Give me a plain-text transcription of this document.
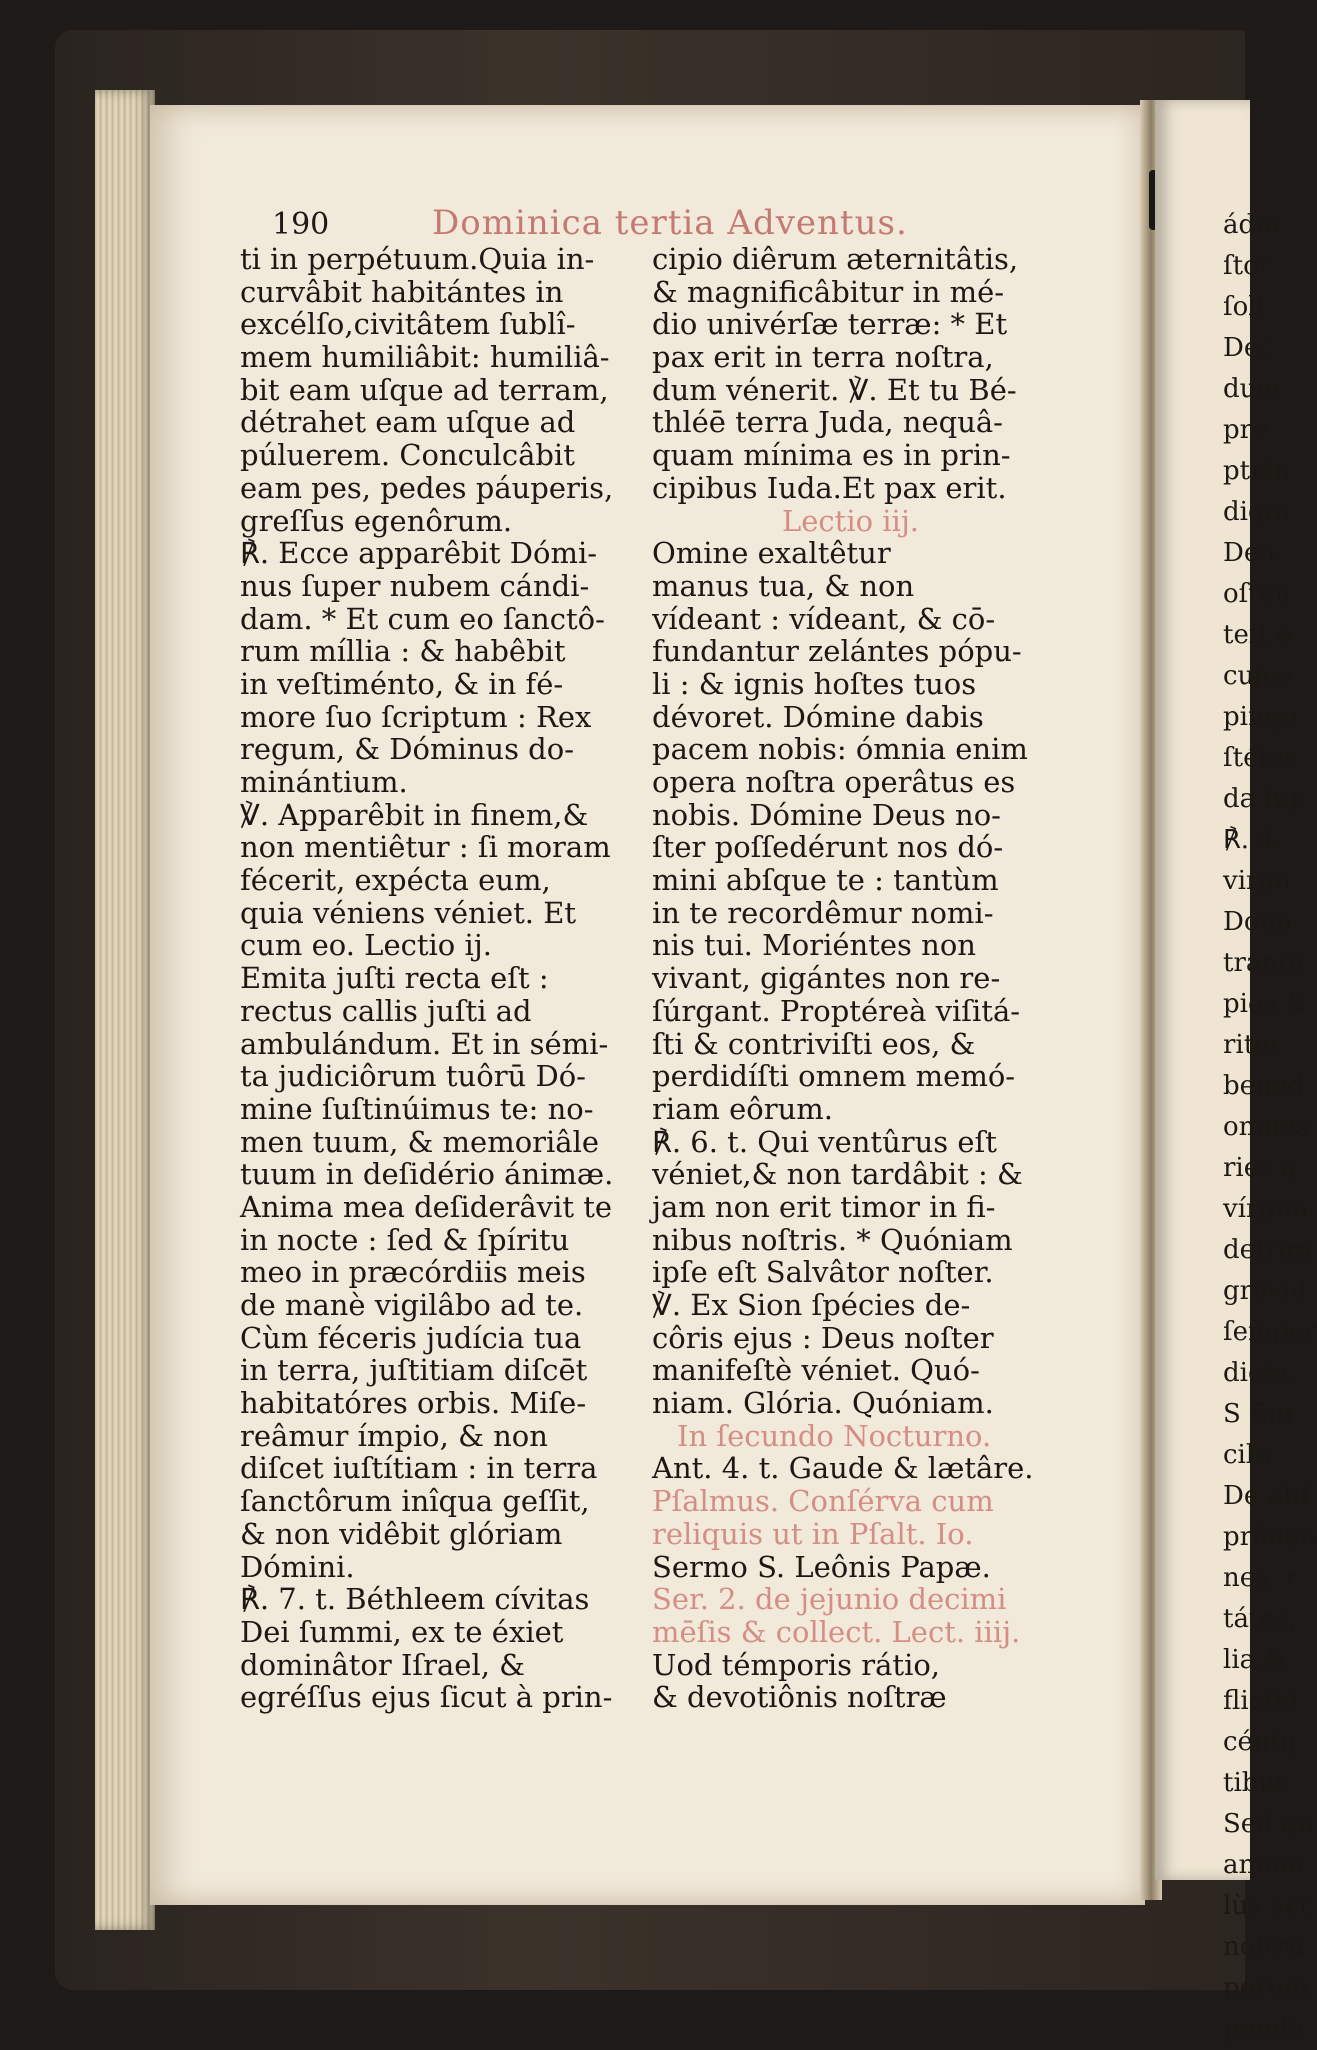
190	Dominica tertia Adventus.
ti in perpétuum.Quia in-
curvâbit habitántes in
excélſo,civitâtem ſublî-
mem humiliâbit: humiliâ-
bit eam uſque ad terram,
détrahet eam uſque ad
púluerem. Conculcâbit
eam pes, pedes páuperis,
greſſus egenôrum.
℟. Ecce apparêbit Dómi-
nus ſuper nubem cándi-
dam. * Et cum eo ſanctô-
rum míllia : & habêbit
in veſtiménto, & in fé-
more ſuo ſcriptum : Rex
regum, & Dóminus do-
minántium.
℣. Apparêbit in finem,&
non mentiêtur : ſi moram
fécerit, expécta eum,
quia véniens véniet. Et
cum eo. Lectio ij.
Emita juſti recta eſt :
rectus callis juſti ad
ambulándum. Et in sémi-
ta judiciôrum tuôrū Dó-
mine ſuſtinúimus te: no-
men tuum, & memoriâle
tuum in deſidério ánimæ.
Anima mea deſiderâvit te
in nocte : ſed & ſpíritu
meo in præcórdiis meis
de manè vigilâbo ad te.
Cùm féceris judícia tua
in terra, juſtitiam diſcēt
habitatóres orbis. Miſe-
reâmur ímpio, & non
diſcet iuſtítiam : in terra
ſanctôrum inîqua geſſit,
& non vidêbit glóriam
Dómini.
℟. 7. t. Béthleem cívitas
Dei ſummi, ex te éxiet
dominâtor Iſrael, &
egréſſus ejus ſicut à prin-
cipio diêrum æternitâtis,
& magnificâbitur in mé-
dio univérſæ terræ: * Et
pax erit in terra noſtra,
dum vénerit. ℣. Et tu Bé-
thléē terra Juda, nequâ-
quam mínima es in prin-
cipibus Iuda.Et pax erit.
Lectio iij.
Omine exaltêtur
manus tua, & non
vídeant : vídeant, & cō-
fundantur zelántes pópu-
li : & ignis hoſtes tuos
dévoret. Dómine dabis
pacem nobis: ómnia enim
opera noſtra operâtus es
nobis. Dómine Deus no-
ſter poſſedérunt nos dó-
mini abſque te : tantùm
in te recordêmur nomi-
nis tui. Moriéntes non
vivant, gigántes non re-
ſúrgant. Proptéreà viſitá-
ſti & contriviſti eos, &
perdidíſti omnem memó-
riam eôrum.
℟. 6. t. Qui ventûrus eſt
véniet,& non tardâbit : &
jam non erit timor in fi-
nibus noſtris. * Quóniam
ipſe eſt Salvâtor noſter.
℣. Ex Sion ſpécies de-
côris ejus : Deus noſter
manifeſtè véniet. Quó-
niam. Glória. Quóniam.
In ſecundo Nocturno.
Ant. 4. t. Gaude & lætâre.
Pſalmus. Conſérva cum
reliquis ut in Pſalt. Io.
Sermo S. Leônis Papæ.
Ser. 2. de jejunio decimi
mēſis & collect. Lect. iiij.
Uod témporis rátio,
& devotiônis noſtræ
ádm
ſtor
ſoli
Déc
dum
pro
ptiōn
digni
Deo
oſtén
teſt e
cujus
pinqu
ſtétes
da ſup
℟. 4.
virgo
Dómi
tranſn
pies &
riter
bened
omnes
ries q
vírgini
detrim
grávid
ſemper
dicta.
S Em
cibi
De abſ
pródeu
nes, r
tátes,
lia,&
flictió
céntij
tibus
Sed qu
animā
lùs acc
noſtrū
perum
pendā
